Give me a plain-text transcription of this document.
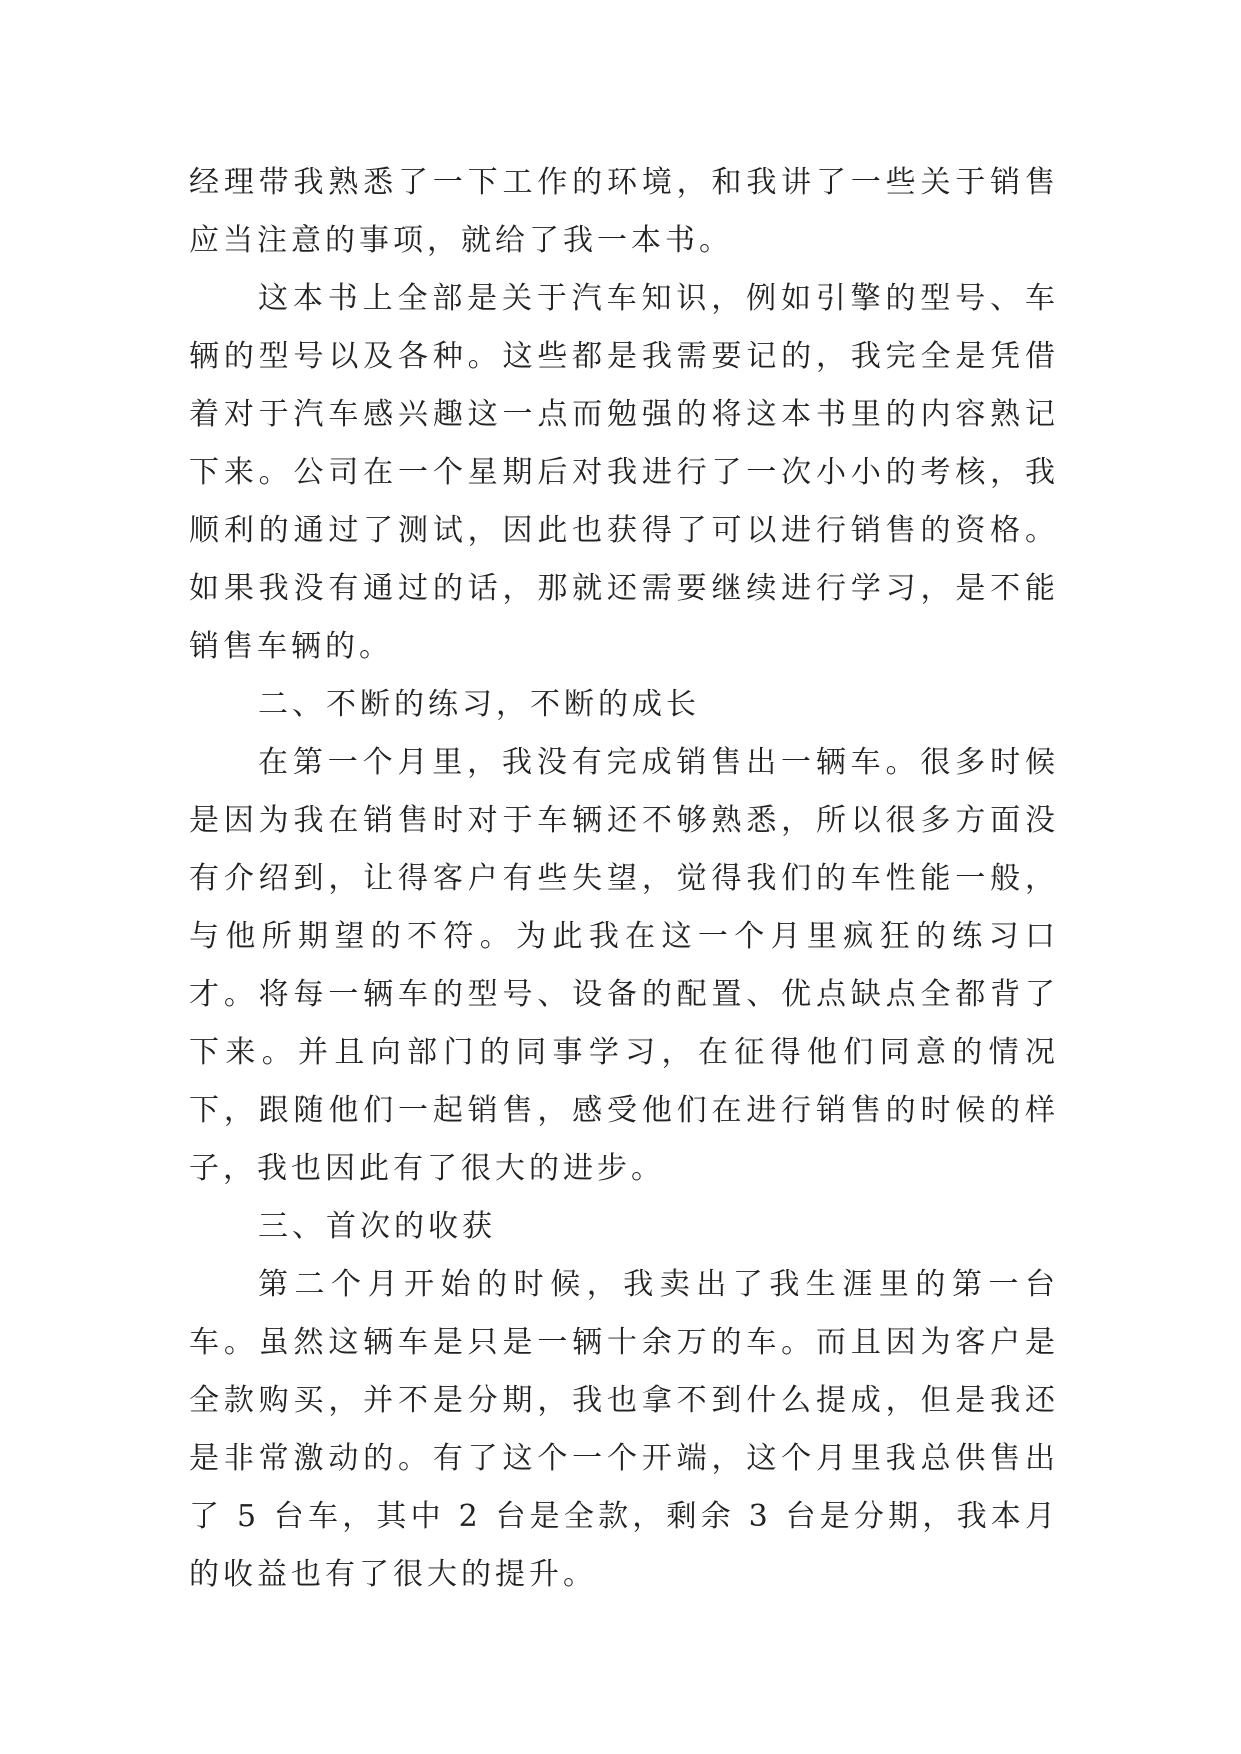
经理带我熟悉了一下工作的环境，和我讲了一些关于销售应当注意的事项，就给了我一本书。

这本书上全部是关于汽车知识，例如引擎的型号、车辆的型号以及各种。这些都是我需要记的，我完全是凭借着对于汽车感兴趣这一点而勉强的将这本书里的内容熟记下来。公司在一个星期后对我进行了一次小小的考核，我顺利的通过了测试，因此也获得了可以进行销售的资格。如果我没有通过的话，那就还需要继续进行学习，是不能销售车辆的。

二、不断的练习，不断的成长

在第一个月里，我没有完成销售出一辆车。很多时候是因为我在销售时对于车辆还不够熟悉，所以很多方面没有介绍到，让得客户有些失望，觉得我们的车性能一般，与他所期望的不符。为此我在这一个月里疯狂的练习口才。将每一辆车的型号、设备的配置、优点缺点全都背了下来。并且向部门的同事学习，在征得他们同意的情况下，跟随他们一起销售，感受他们在进行销售的时候的样子，我也因此有了很大的进步。

三、首次的收获

第二个月开始的时候，我卖出了我生涯里的第一台车。虽然这辆车是只是一辆十余万的车。而且因为客户是全款购买，并不是分期，我也拿不到什么提成，但是我还是非常激动的。有了这个一个开端，这个月里我总供售出了 5 台车，其中 2 台是全款，剩余 3 台是分期，我本月的收益也有了很大的提升。
